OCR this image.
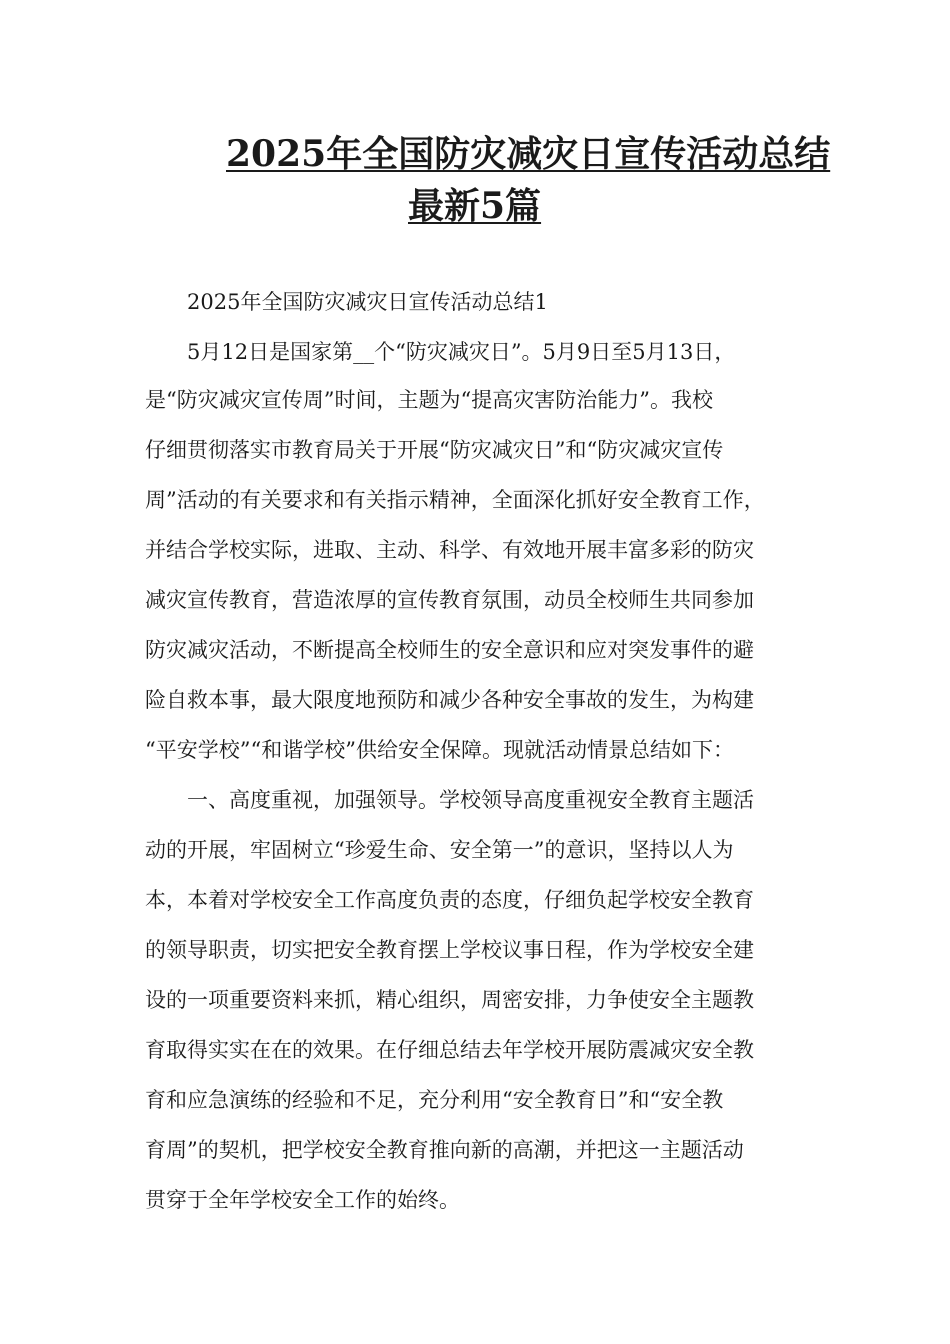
2025年全国防灾减灾日宣传活动总结
最新5篇
2025年全国防灾减灾日宣传活动总结1
5月12日是国家第__个“防灾减灾日”。5月9日至5月13日，
是“防灾减灾宣传周”时间，主题为“提高灾害防治能力”。我校
仔细贯彻落实市教育局关于开展“防灾减灾日”和“防灾减灾宣传
周”活动的有关要求和有关指示精神，全面深化抓好安全教育工作，
并结合学校实际，进取、主动、科学、有效地开展丰富多彩的防灾
减灾宣传教育，营造浓厚的宣传教育氛围，动员全校师生共同参加
防灾减灾活动，不断提高全校师生的安全意识和应对突发事件的避
险自救本事，最大限度地预防和减少各种安全事故的发生，为构建
“平安学校”“和谐学校”供给安全保障。现就活动情景总结如下：
一、高度重视，加强领导。学校领导高度重视安全教育主题活
动的开展，牢固树立“珍爱生命、安全第一”的意识，坚持以人为
本，本着对学校安全工作高度负责的态度，仔细负起学校安全教育
的领导职责，切实把安全教育摆上学校议事日程，作为学校安全建
设的一项重要资料来抓，精心组织，周密安排，力争使安全主题教
育取得实实在在的效果。在仔细总结去年学校开展防震减灾安全教
育和应急演练的经验和不足，充分利用“安全教育日”和“安全教
育周”的契机，把学校安全教育推向新的高潮，并把这一主题活动
贯穿于全年学校安全工作的始终。
